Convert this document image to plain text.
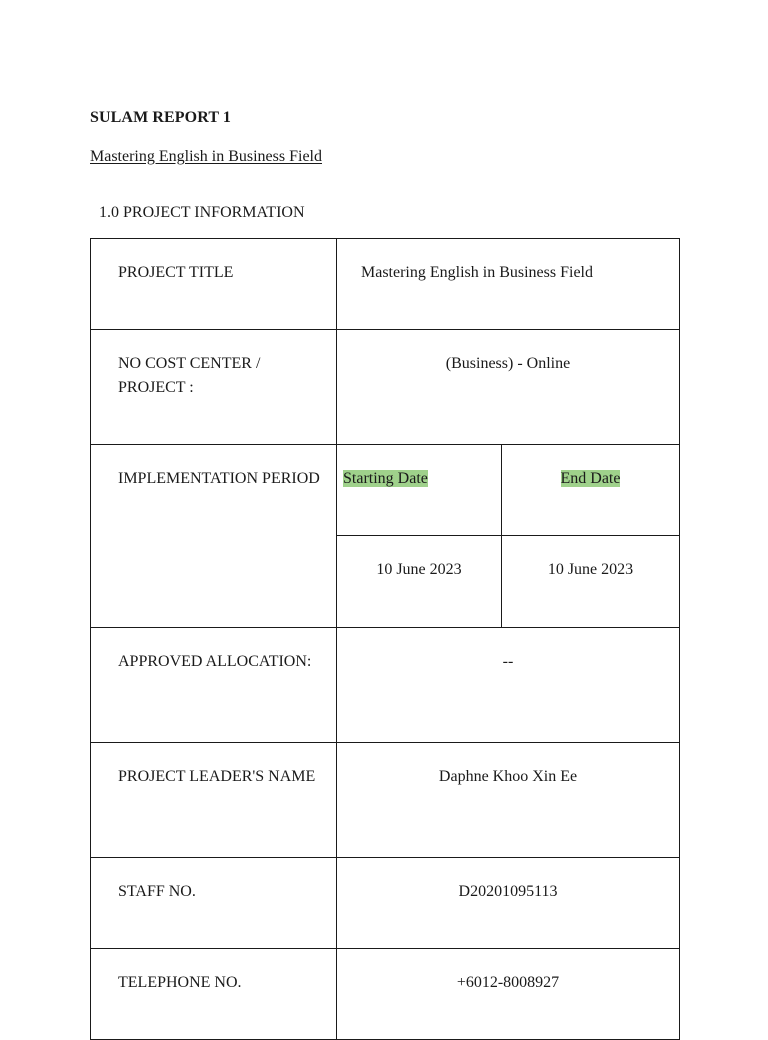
SULAM REPORT 1
Mastering English in Business Field
1.0 PROJECT INFORMATION
PROJECT TITLE	Mastering English in Business Field	
NO COST CENTER / PROJECT :	(Business) - Online	
IMPLEMENTATION PERIOD	Starting Date	End Date
	10 June 2023	10 June 2023
APPROVED ALLOCATION:	--	
PROJECT LEADER'S NAME	Daphne Khoo Xin Ee	
STAFF NO.	D20201095113	
TELEPHONE NO.	+6012-8008927	
